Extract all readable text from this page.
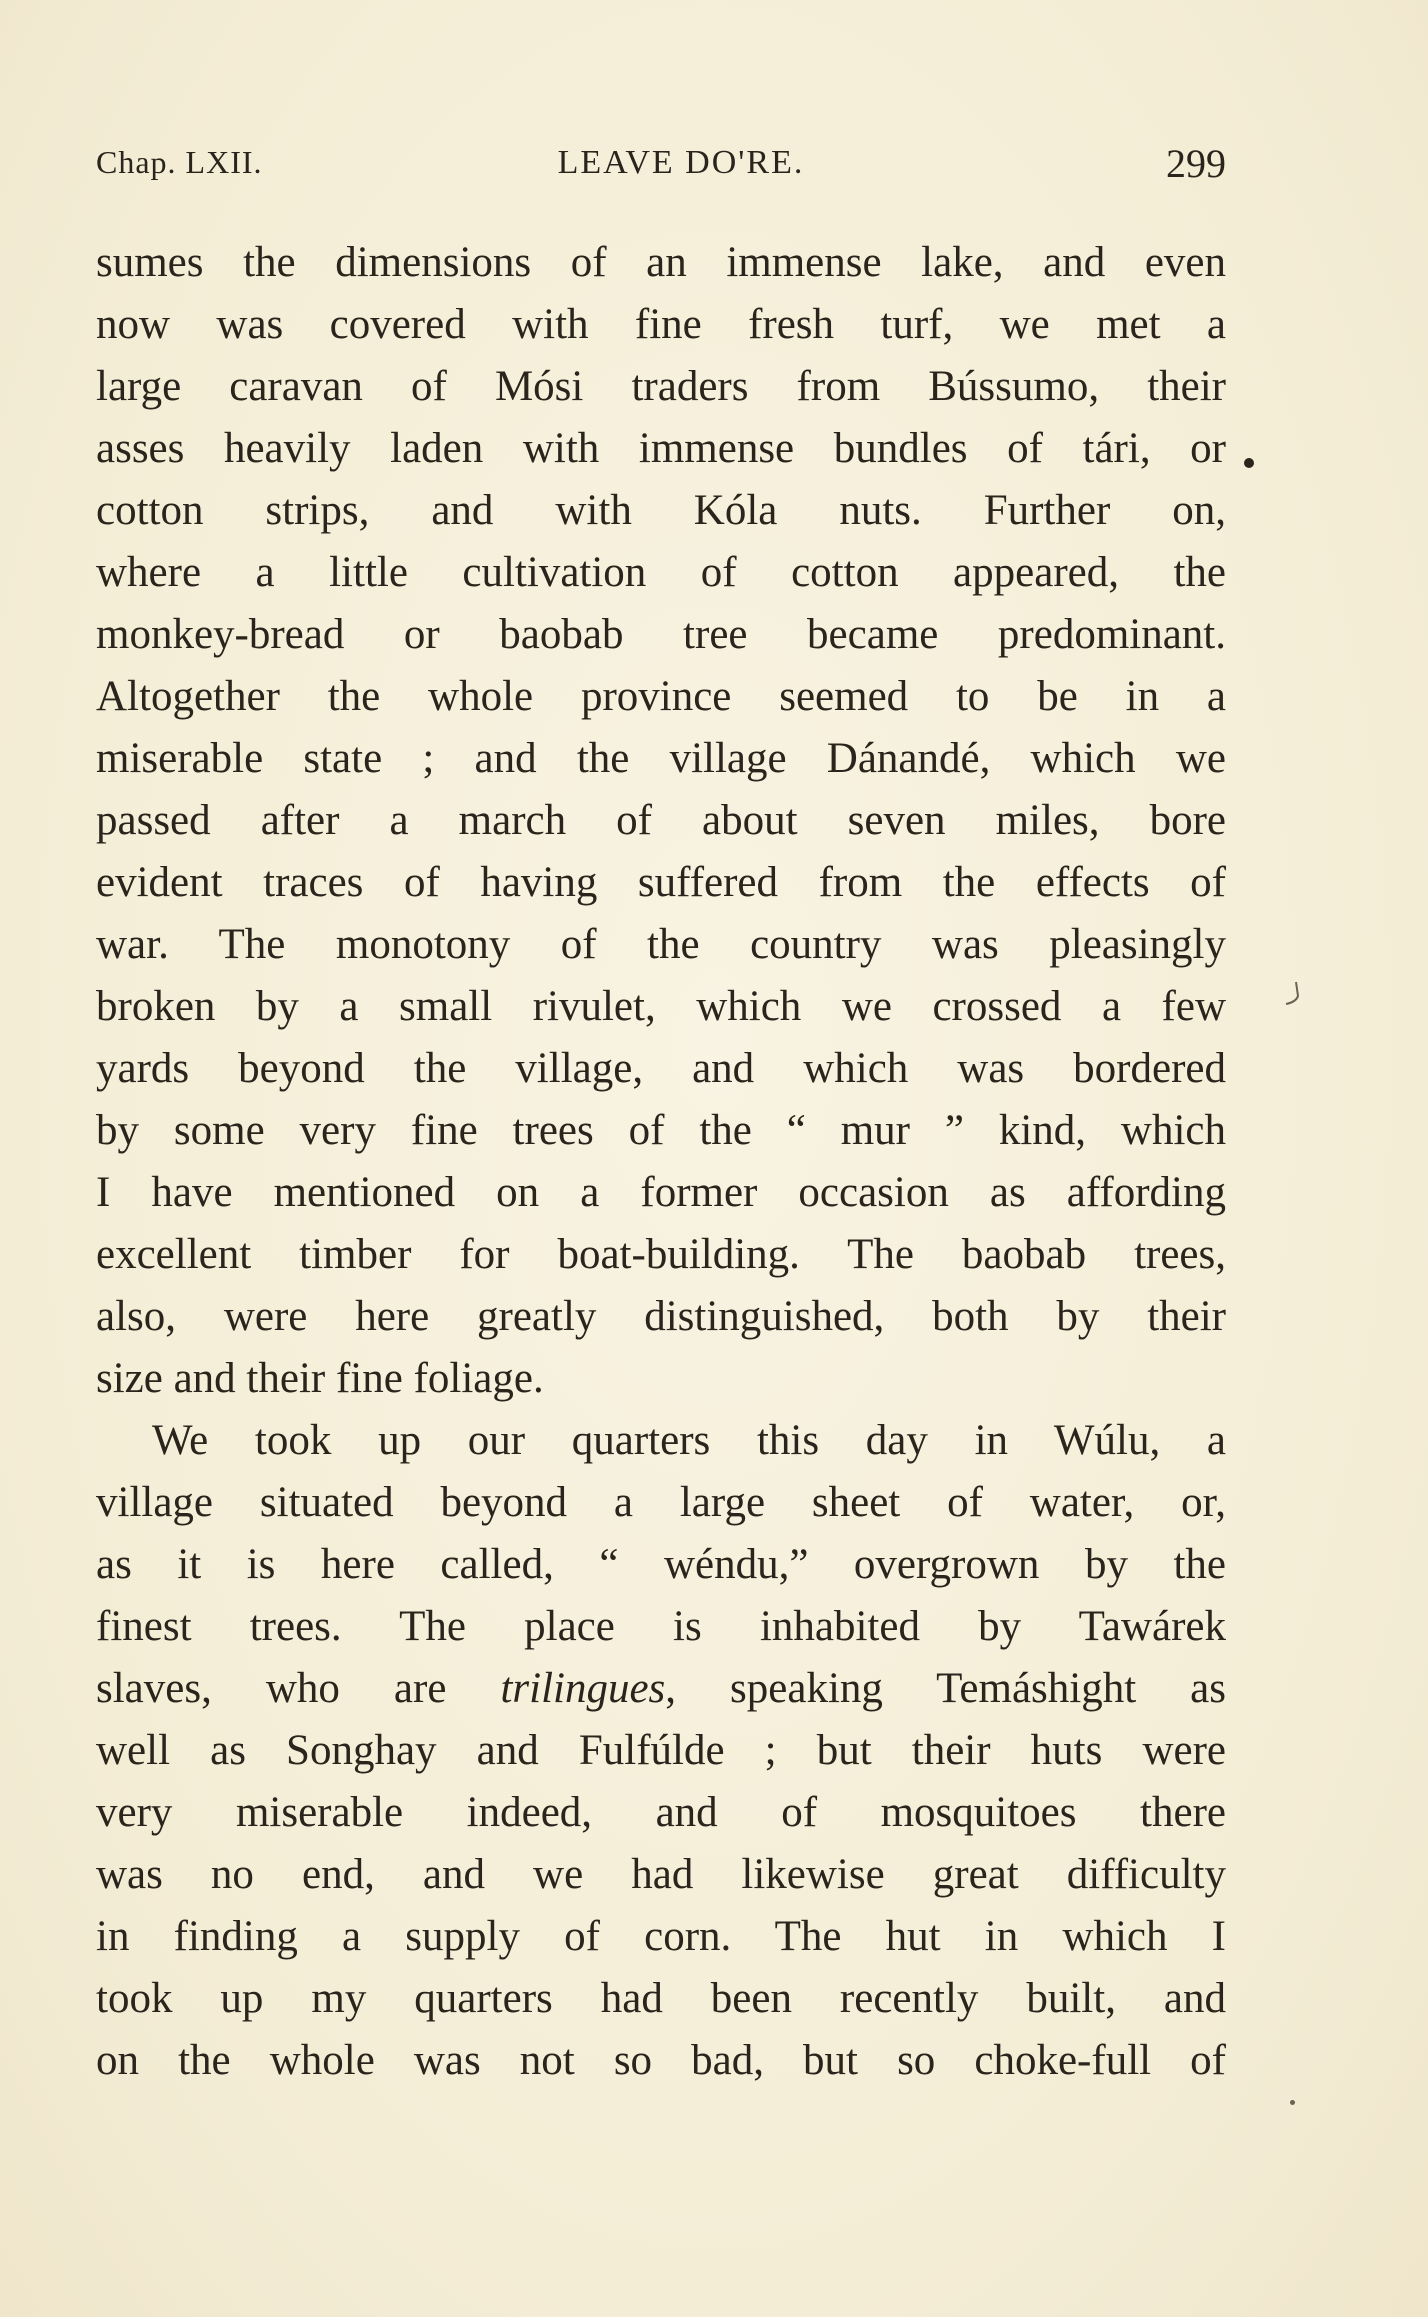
Chap. LXII.	LEAVE DO'RE.	299
sumes the dimensions of an immense lake, and even
now was covered with fine fresh turf, we met a
large caravan of Mósi traders from Bússumo, their
asses heavily laden with immense bundles of tári, or
cotton strips, and with Kóla nuts. Further on,
where a little cultivation of cotton appeared, the
monkey-bread or baobab tree became predominant.
Altogether the whole province seemed to be in a
miserable state ; and the village Dánandé, which we
passed after a march of about seven miles, bore
evident traces of having suffered from the effects of
war. The monotony of the country was pleasingly
broken by a small rivulet, which we crossed a few
yards beyond the village, and which was bordered
by some very fine trees of the “ mur ” kind, which
I have mentioned on a former occasion as affording
excellent timber for boat-building. The baobab trees,
also, were here greatly distinguished, both by their
size and their fine foliage.
We took up our quarters this day in Wúlu, a
village situated beyond a large sheet of water, or,
as it is here called, “ wéndu,” overgrown by the
finest trees. The place is inhabited by Tawárek
slaves, who are trilingues, speaking Temáshight as
well as Songhay and Fulfúlde ; but their huts were
very miserable indeed, and of mosquitoes there
was no end, and we had likewise great difficulty
in finding a supply of corn. The hut in which I
took up my quarters had been recently built, and
on the whole was not so bad, but so choke-full of
